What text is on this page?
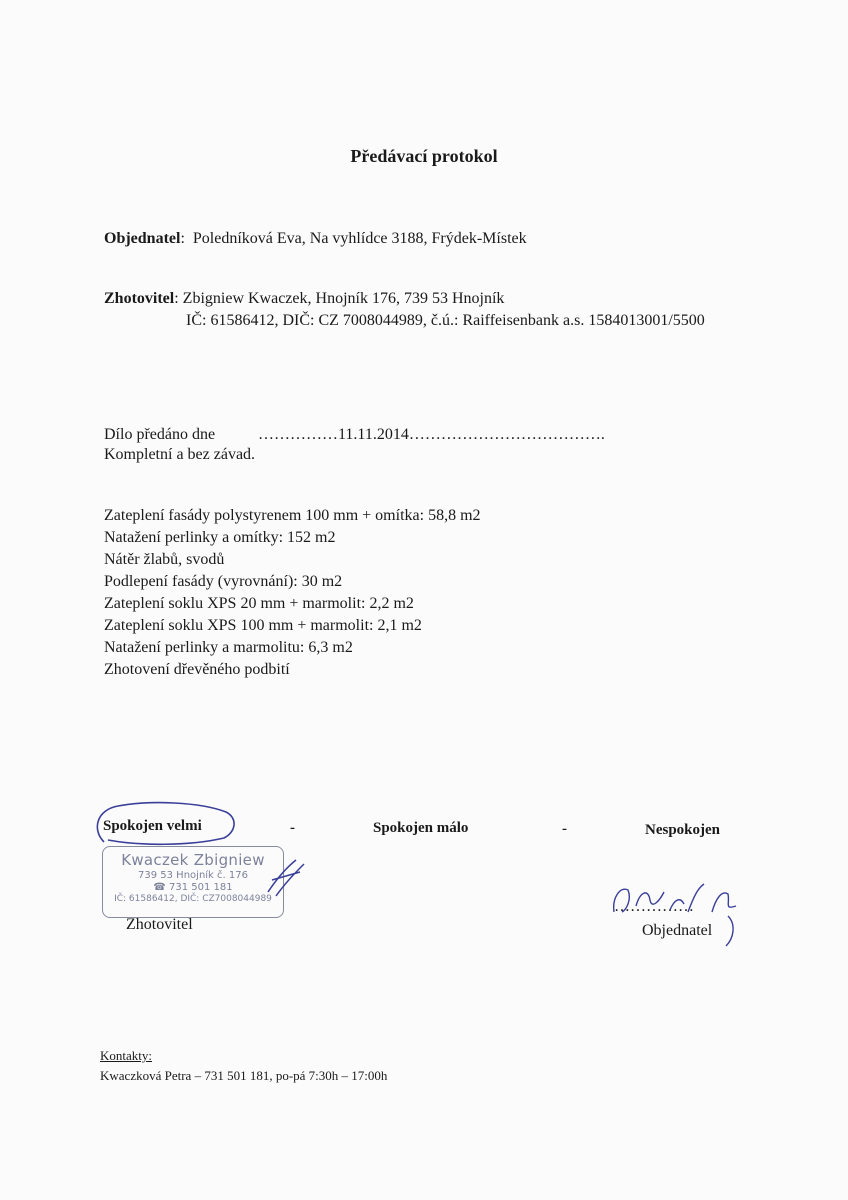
Předávací protokol
Objednatel:  Poledníková Eva, Na vyhlídce 3188, Frýdek-Místek
Zhotovitel: Zbigniew Kwaczek, Hnojník 176, 739 53 Hnojník
IČ: 61586412, DIČ: CZ 7008044989, č.ú.: Raiffeisenbank a.s. 1584013001/5500
Dílo předáno dne	……………11.11.2014……………………………….
Kompletní a bez závad.
Zateplení fasády polystyrenem 100 mm + omítka: 58,8 m2
Natažení perlinky a omítky: 152 m2
Nátěr žlabů, svodů
Podlepení fasády (vyrovnání): 30 m2
Zateplení soklu XPS 20 mm + marmolit: 2,2 m2
Zateplení soklu XPS 100 mm + marmolit: 2,1 m2
Natažení perlinky a marmolitu: 6,3 m2
Zhotovení dřevěného podbití
Spokojen velmi	-	Spokojen málo	-	Nespokojen
Kwaczek Zbigniew
739 53 Hnojník č. 176
☎ 731 501 181
IČ: 61586412, DIČ: CZ7008044989
Zhotovitel
……………
Objednatel
Kontakty:
Kwaczková Petra – 731 501 181, po-pá 7:30h – 17:00h
